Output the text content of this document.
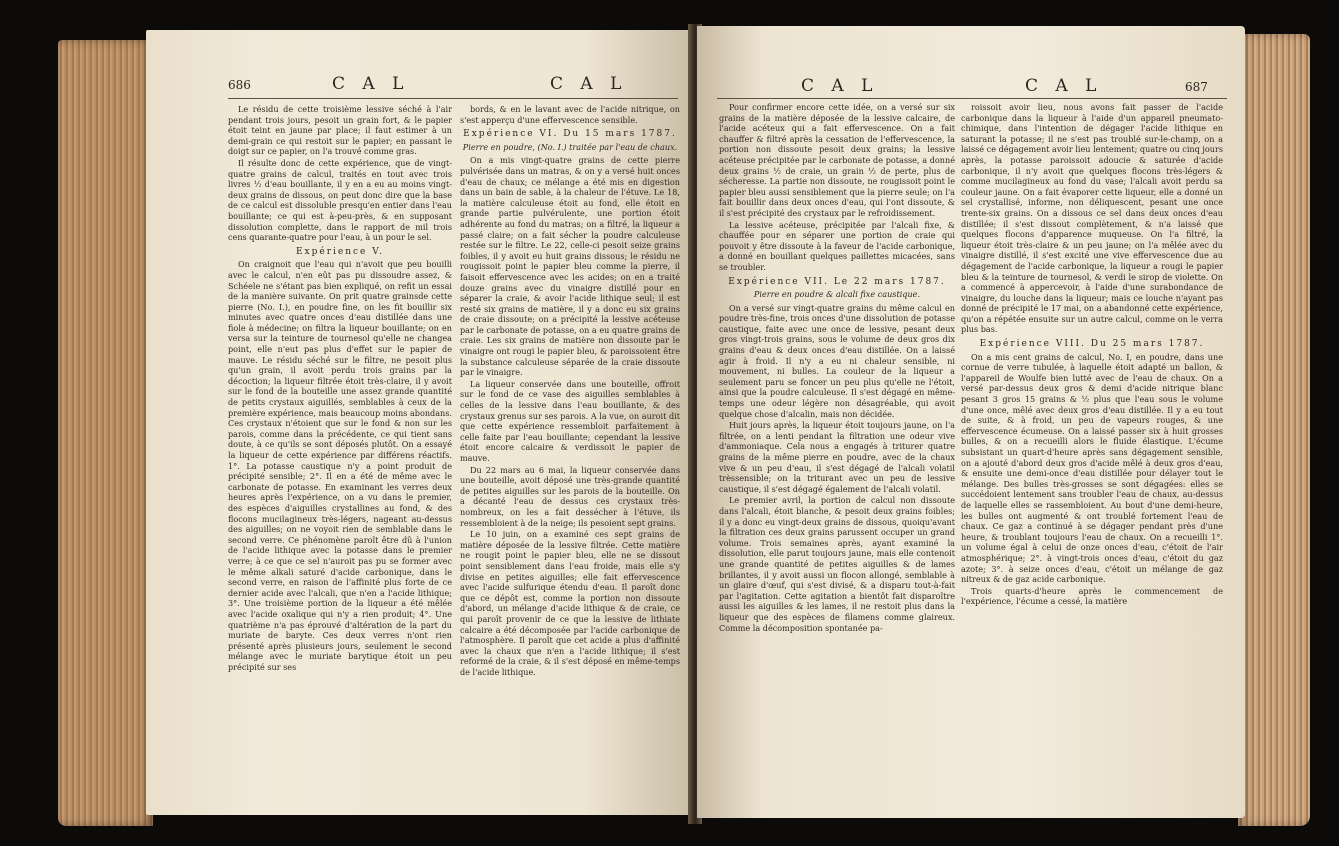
686	C A L	C A L

Le résidu de cette troisième lessive séché à l'air pendant trois jours, pesoit un grain fort, & le papier étoit teint en jaune par place; il faut estimer à un demi-grain ce qui restoit sur le papier; en passant le doigt sur ce papier, on l'a trouvé comme gras.

Il résulte donc de cette expérience, que de vingt-quatre grains de calcul, traités en tout avec trois livres ½ d'eau bouillante, il y en a eu au moins vingt-deux grains de dissous, on peut donc dire que la base de ce calcul est dissoluble presqu'en entier dans l'eau bouillante; ce qui est à-peu-près, & en supposant dissolution complette, dans le rapport de mil trois cens quarante-quatre pour l'eau, à un pour le sel.

Expérience V.

On craignoit que l'eau qui n'avoit que peu bouilli avec le calcul, n'en eût pas pu dissoudre assez, & Schéele ne s'étant pas bien expliqué, on refit un essai de la manière suivante. On prit quatre grainsde cette pierre (No. I.), en poudre fine, on les fit bouillir six minutes avec quatre onces d'eau distillée dans une fiole à médecine; on filtra la liqueur bouillante; on en versa sur la teinture de tournesol qu'elle ne changea point, elle n'eut pas plus d'effet sur le papier de mauve. Le résidu séché sur le filtre, ne pesoit plus qu'un grain, il avoit perdu trois grains par la décoction; la liqueur filtrée étoit très-claire, il y avoit sur le fond de la bouteille une assez grande quantité de petits crystaux aiguillés, semblables à ceux de la première expérience, mais beaucoup moins abondans. Ces crystaux n'étoient que sur le fond & non sur les parois, comme dans la précédente, ce qui tient sans doute, à ce qu'ils se sont déposés plutôt. On a essayé la liqueur de cette expérience par différens réactifs. 1°. La potasse caustique n'y a point produit de précipité sensible; 2°. Il en a été de même avec le carbonate de potasse. En examinant les verres deux heures après l'expérience, on a vu dans le premier, des espèces d'aiguilles crystallines au fond, & des flocons mucilagineux très-légers, nageant au-dessus des aiguilles; on ne voyoit rien de semblable dans le second verre. Ce phénomène paroît être dû à l'union de l'acide lithique avec la potasse dans le premier verre; à ce que ce sel n'auroit pas pu se former avec le même alkali saturé d'acide carbonique, dans le second verre, en raison de l'affinité plus forte de ce dernier acide avec l'alcali, que n'en a l'acide lithique; 3°. Une troisième portion de la liqueur a été mêlée avec l'acide oxalique qui n'y a rien produit; 4°. Une quatrième n'a pas éprouvé d'altération de la part du muriate de baryte. Ces deux verres n'ont rien présenté après plusieurs jours, seulement le second mélange avec le muriate barytique étoit un peu précipité sur ses

bords, & en le lavant avec de l'acide nitrique, on s'est apperçu d'une effervescence sensible.

Expérience VI. Du 15 mars 1787.

Pierre en poudre, (No. I.) traitée par l'eau de chaux.

On a mis vingt-quatre grains de cette pierre pulvérisée dans un matras, & on y a versé huit onces d'eau de chaux; ce mélange a été mis en digestion dans un bain de sable, à la chaleur de l'étuve. Le 18, la matière calculeuse étoit au fond, elle étoit en grande partie pulvérulente, une portion étoit adhérente au fond du matras; on a filtré, la liqueur a passé claire; on a fait sécher la poudre calculeuse restée sur le filtre. Le 22, celle-ci pesoit seize grains foibles, il y avoit eu huit grains dissous; le résidu ne rougissoit point le papier bleu comme la pierre, il faisoit effervescence avec les acides; on en a traité douze grains avec du vinaigre distillé pour en séparer la craie, & avoir l'acide lithique seul; il est resté six grains de matière, il y a donc eu six grains de craie dissoute; on a précipité la lessive acéteuse par le carbonate de potasse, on a eu quatre grains de craie. Les six grains de matière non dissoute par le vinaigre ont rougi le papier bleu, & paroissoient être la substance calculeuse séparée de la craie dissoute par le vinaigre.

La liqueur conservée dans une bouteille, offroit sur le fond de ce vase des aiguilles semblables à celles de la lessive dans l'eau bouillante, & des crystaux grenus sur ses parois. A la vue, on auroit dit que cette expérience ressembloit parfaitement à celle faite par l'eau bouillante; cependant la lessive étoit encore calcaire & verdissoit le papier de mauve.

Du 22 mars au 6 mai, la liqueur conservée dans une bouteille, avoit déposé une très-grande quantité de petites aiguilles sur les parois de la bouteille. On a décanté l'eau de dessus ces crystaux très-nombreux, on les a fait dessécher à l'étuve, ils ressembloient à de la neige; ils pesoient sept grains.

Le 10 juin, on a examiné ces sept grains de matière déposée de la lessive filtrée. Cette matière ne rougit point le papier bleu, elle ne se dissout point sensiblement dans l'eau froide, mais elle s'y divise en petites aiguilles; elle fait effervescence avec l'acide sulfurique étendu d'eau. Il paroît donc que ce dépôt est, comme la portion non dissoute d'abord, un mélange d'acide lithique & de craie, ce qui paroît provenir de ce que la lessive de lithiate calcaire a été décomposée par l'acide carbonique de l'atmosphère. Il paroît que cet acide a plus d'affinité avec la chaux que n'en a l'acide lithique; il s'est reformé de la craie, & il s'est déposé en même-temps de l'acide lithique.

C A L	C A L	687

Pour confirmer encore cette idée, on a versé sur six grains de la matière déposée de la lessive calcaire, de l'acide acéteux qui a fait effervescence. On a fait chauffer & filtré après la cessation de l'effervescence, la portion non dissoute pesoit deux grains; la lessive acéteuse précipitée par le carbonate de potasse, a donné deux grains ½ de craie, un grain ½ de perte, plus de sécheresse. La partie non dissoute, ne rougissoit point le papier bleu aussi sensiblement que la pierre seule; on l'a fait bouillir dans deux onces d'eau, qui l'ont dissoute, & il s'est précipité des crystaux par le refroidissement.

La lessive acéteuse, précipitée par l'alcali fixe, & chauffée pour en séparer une portion de craie qui pouvoit y être dissoute à la faveur de l'acide carbonique, a donné en bouillant quelques paillettes micacées, sans se troubler.

Expérience VII. Le 22 mars 1787.

Pierre en poudre & alcali fixe caustique.

On a versé sur vingt-quatre grains du même calcul en poudre très-fine, trois onces d'une dissolution de potasse caustique, faite avec une once de lessive, pesant deux gros vingt-trois grains, sous le volume de deux gros dix grains d'eau & deux onces d'eau distillée. On a laissé agir à froid. Il n'y a eu ni chaleur sensible, ni mouvement, ni bulles. La couleur de la liqueur a seulement paru se foncer un peu plus qu'elle ne l'étoit, ainsi que la poudre calculeuse. Il s'est dégagé en même-temps une odeur légère non désagréable, qui avoit quelque chose d'alcalin, mais non décidée.

Huit jours après, la liqueur étoit toujours jaune, on l'a filtrée, on a lenti pendant la filtration une odeur vive d'ammoniaque. Cela nous a engagés à triturer quatre grains de la même pierre en poudre, avec de la chaux vive & un peu d'eau, il s'est dégagé de l'alcali volatil trèssensible; on la triturant avec un peu de lessive caustique, il s'est dégagé également de l'alcali volatil.

Le premier avril, la portion de calcul non dissoute dans l'alcali, étoit blanche, & pesoit deux grains foibles; il y a donc eu vingt-deux grains de dissous, quoiqu'avant la filtration ces deux grains parussent occuper un grand volume. Trois semaines après, ayant examiné la dissolution, elle parut toujours jaune, mais elle contenoit une grande quantité de petites aiguilles & de lames brillantes, il y avoit aussi un flocon allongé, semblable à un glaire d'œuf, qui s'est divisé, & a disparu tout-à-fait par l'agitation. Cette agitation a bientôt fait disparoître aussi les aiguilles & les lames, il ne restoit plus dans la liqueur que des espèces de filamens comme glaireux. Comme la décomposition spontanée pa-

roissoit avoir lieu, nous avons fait passer de l'acide carbonique dans la liqueur à l'aide d'un appareil pneumato-chimique, dans l'intention de dégager l'acide lithique en saturant la potasse; il ne s'est pas troublé sur-le-champ, on a laissé ce dégagement avoir lieu lentement; quatre ou cinq jours après, la potasse paroissoit adoucie & saturée d'acide carbonique, il n'y avoit que quelques flocons très-légers & comme mucilagineux au fond du vase; l'alcali avoit perdu sa couleur jaune. On a fait évaporer cette liqueur, elle a donné un sel crystallisé, informe, non déliquescent, pesant une once trente-six grains. On a dissous ce sel dans deux onces d'eau distillée; il s'est dissout complètement, & n'a laissé que quelques flocons d'apparence muqueuse. On l'a filtré, la liqueur étoit très-claire & un peu jaune; on l'a mêlée avec du vinaigre distillé, il s'est excité une vive effervescence due au dégagement de l'acide carbonique, la liqueur a rougi le papier bleu & la teinture de tournesol, & verdi le sirop de violette. On a commencé à appercevoir, à l'aide d'une surabondance de vinaigre, du louche dans la liqueur; mais ce louche n'ayant pas donné de précipité le 17 mai, on a abandonné cette expérience, qu'on a répétée ensuite sur un autre calcul, comme on le verra plus bas.

Expérience VIII. Du 25 mars 1787.

On a mis cent grains de calcul, No. I, en poudre, dans une cornue de verre tubulée, à laquelle étoit adapté un ballon, & l'appareil de Woulfe bien lutté avec de l'eau de chaux. On a versé par-dessus deux gros & demi d'acide nitrique blanc pesant 3 gros 15 grains & ½ plus que l'eau sous le volume d'une once, mêlé avec deux gros d'eau distillée. Il y a eu tout de suite, & à froid, un peu de vapeurs rouges, & une effervescence écumeuse. On a laissé passer six à huit grosses bulles, & on a recueilli alors le fluide élastique. L'écume subsistant un quart-d'heure après sans dégagement sensible, on a ajouté d'abord deux gros d'acide mêlé à deux gros d'eau, & ensuite une demi-once d'eau distillée pour délayer tout le mélange. Des bulles très-grosses se sont dégagées: elles se succédoient lentement sans troubler l'eau de chaux, au-dessus de laquelle elles se rassembloient. Au bout d'une demi-heure, les bulles ont augmenté & ont troublé fortement l'eau de chaux. Ce gaz a continué à se dégager pendant près d'une heure, & troublant toujours l'eau de chaux. On a recueilli 1°. un volume égal à celui de onze onces d'eau, c'étoit de l'air atmosphérique; 2°. à vingt-trois onces d'eau, c'étoit du gaz azote; 3°. à seize onces d'eau, c'étoit un mélange de gaz nitreux & de gaz acide carbonique.

Trois quarts-d'heure après le commencement de l'expérience, l'écume a cessé, la matière
